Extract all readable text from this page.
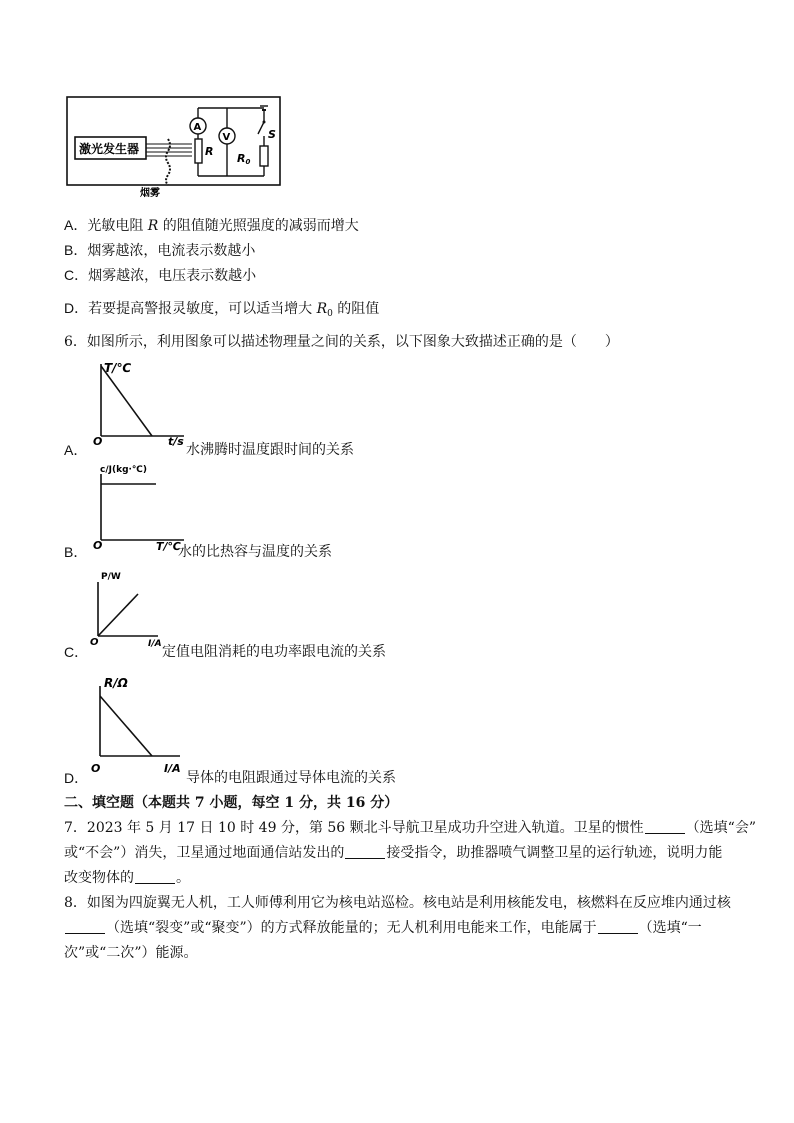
激光发生器
烟雾
R
A
V	S
R0
A．光敏电阻 R 的阻值随光照强度的减弱而增大
B．烟雾越浓，电流表示数越小
C．烟雾越浓，电压表示数越小
D．若要提高警报灵敏度，可以适当增大 $R_0$ 的阻值
6．如图所示，利用图象可以描述物理量之间的关系，以下图象大致描述正确的是（　　）
T/℃
O	t/s
A．	水沸腾时温度跟时间的关系
c/J(kg·℃)
O	T/℃
B．	水的比热容与温度的关系
P/W
O	I/A
C．	定值电阻消耗的电功率跟电流的关系
R/Ω
O	I/A
D．	导体的电阻跟通过导体电流的关系
二、填空题（本题共 7 小题，每空 1 分，共 16 分）
7．2023 年 5 月 17 日 10 时 49 分，第 56 颗北斗导航卫星成功升空进入轨道。卫星的惯性	（选填“会”
或“不会”）消失，卫星通过地面通信站发出的	接受指令，助推器喷气调整卫星的运行轨迹，说明力能
改变物体的	。
8．如图为四旋翼无人机，工人师傅利用它为核电站巡检。核电站是利用核能发电，核燃料在反应堆内通过核
（选填“裂变”或“聚变”）的方式释放能量的；无人机利用电能来工作，电能属于	（选填“一
次”或“二次”）能源。
